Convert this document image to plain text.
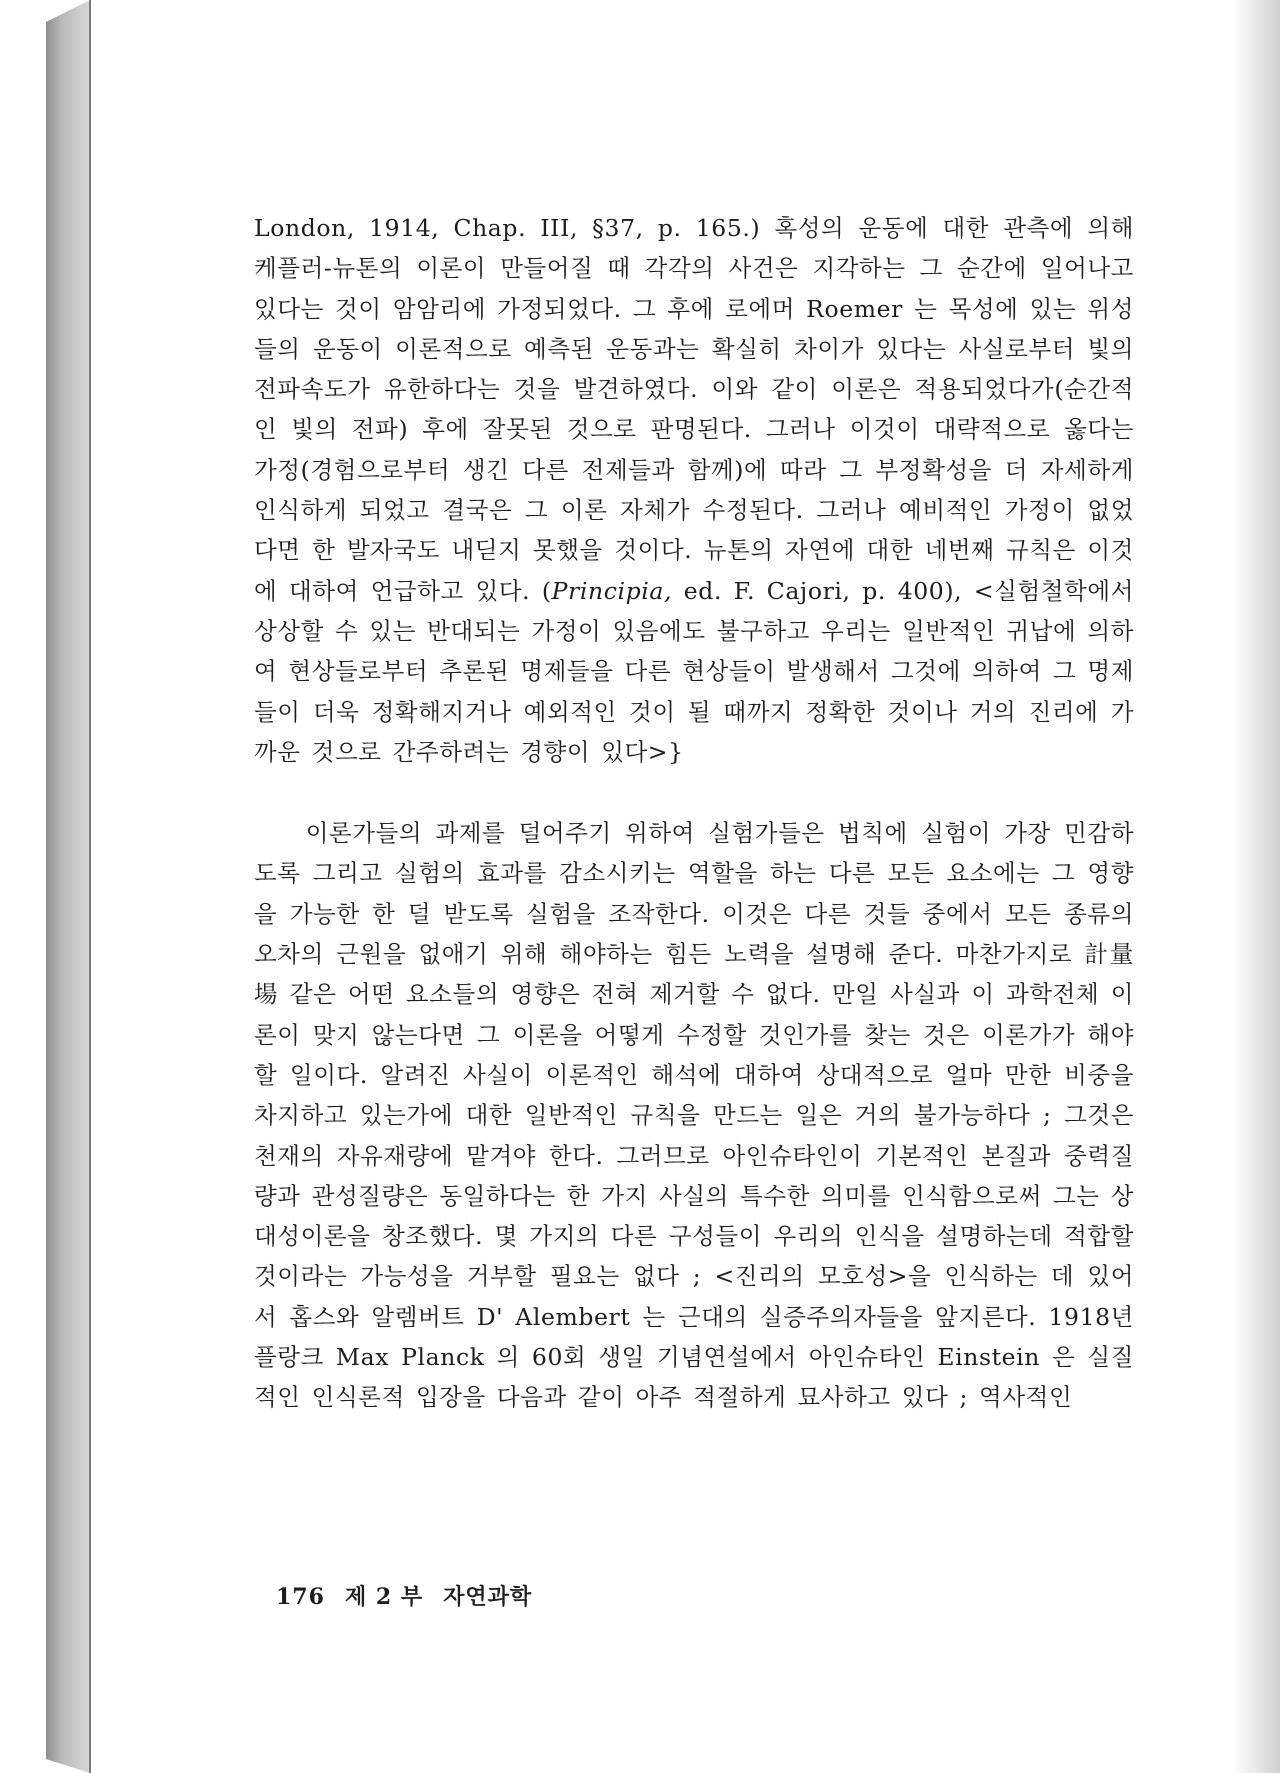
London, 1914, Chap. III, §37, p. 165.) 혹성의 운동에 대한 관측에 의해 케플러-뉴톤의 이론이 만들어질 때 각각의 사건은 지각하는 그 순간에 일어나고 있다는 것이 암암리에 가정되었다. 그 후에 로에머 Roemer 는 목성에 있는 위성들의 운동이 이론적으로 예측된 운동과는 확실히 차이가 있다는 사실로부터 빛의 전파속도가 유한하다는 것을 발견하였다. 이와 같이 이론은 적용되었다가(순간적인 빛의 전파) 후에 잘못된 것으로 판명된다. 그러나 이것이 대략적으로 옳다는 가정(경험으로부터 생긴 다른 전제들과 함께)에 따라 그 부정확성을 더 자세하게 인식하게 되었고 결국은 그 이론 자체가 수정된다. 그러나 예비적인 가정이 없었다면 한 발자국도 내딛지 못했을 것이다. 뉴톤의 자연에 대한 네번째 규칙은 이것에 대하여 언급하고 있다. (Principia, ed. F. Cajori, p. 400), <실험철학에서 상상할 수 있는 반대되는 가정이 있음에도 불구하고 우리는 일반적인 귀납에 의하여 현상들로부터 추론된 명제들을 다른 현상들이 발생해서 그것에 의하여 그 명제들이 더욱 정확해지거나 예외적인 것이 될 때까지 정확한 것이나 거의 진리에 가까운 것으로 간주하려는 경향이 있다>}

이론가들의 과제를 덜어주기 위하여 실험가들은 법칙에 실험이 가장 민감하도록 그리고 실험의 효과를 감소시키는 역할을 하는 다른 모든 요소에는 그 영향을 가능한 한 덜 받도록 실험을 조작한다. 이것은 다른 것들 중에서 모든 종류의 오차의 근원을 없애기 위해 해야하는 힘든 노력을 설명해 준다. 마찬가지로 計量場 같은 어떤 요소들의 영향은 전혀 제거할 수 없다. 만일 사실과 이 과학전체 이론이 맞지 않는다면 그 이론을 어떻게 수정할 것인가를 찾는 것은 이론가가 해야 할 일이다. 알려진 사실이 이론적인 해석에 대하여 상대적으로 얼마 만한 비중을 차지하고 있는가에 대한 일반적인 규칙을 만드는 일은 거의 불가능하다 ; 그것은 천재의 자유재량에 맡겨야 한다. 그러므로 아인슈타인이 기본적인 본질과 중력질량과 관성질량은 동일하다는 한 가지 사실의 특수한 의미를 인식함으로써 그는 상대성이론을 창조했다. 몇 가지의 다른 구성들이 우리의 인식을 설명하는데 적합할 것이라는 가능성을 거부할 필요는 없다 ; <진리의 모호성>을 인식하는 데 있어서 홉스와 알렘버트 D' Alembert 는 근대의 실증주의자들을 앞지른다. 1918년 플랑크 Max Planck 의 60회 생일 기념연설에서 아인슈타인 Einstein 은 실질적인 인식론적 입장을 다음과 같이 아주 적절하게 묘사하고 있다 ; 역사적인

176 제 2 부 자연과학
